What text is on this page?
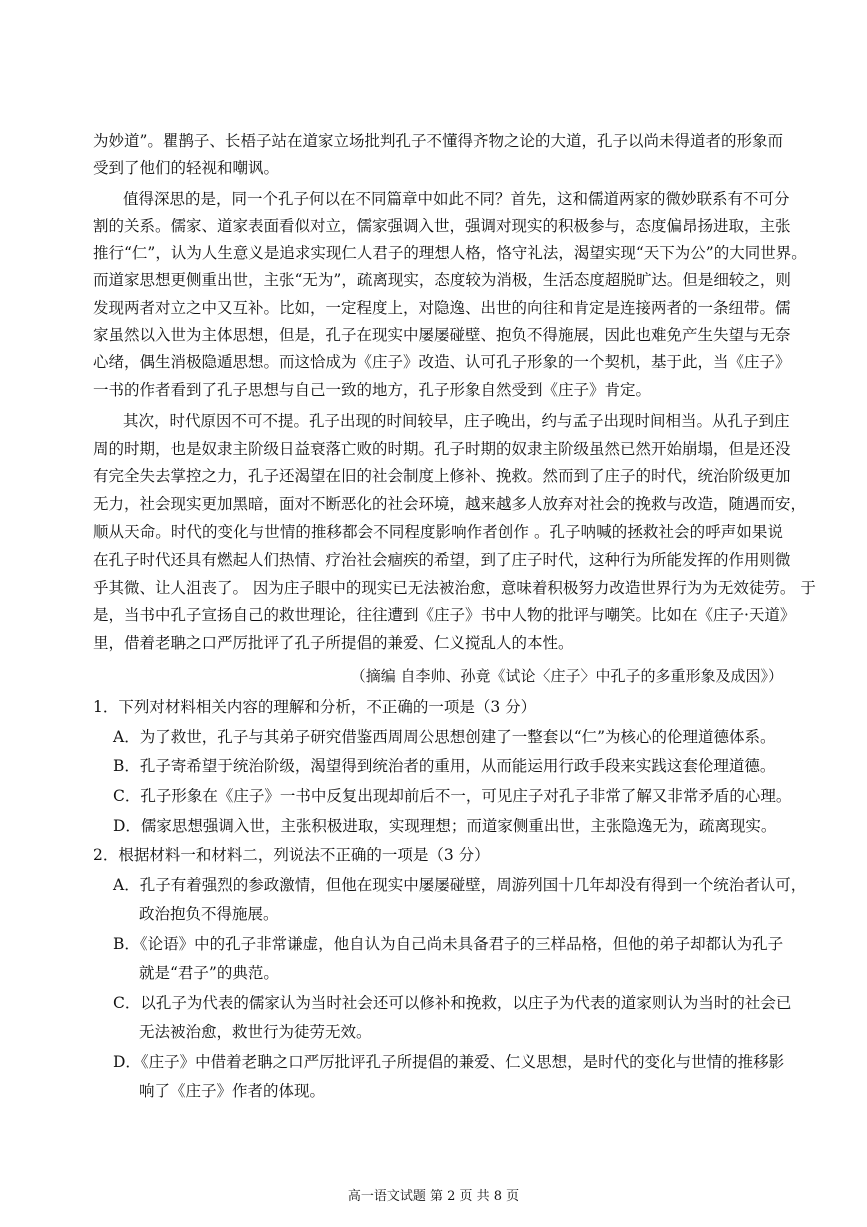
为妙道”。瞿鹊子、长梧子站在道家立场批判孔子不懂得齐物之论的大道，孔子以尚未得道者的形象而
受到了他们的轻视和嘲讽。
值得深思的是，同一个孔子何以在不同篇章中如此不同？首先，这和儒道两家的微妙联系有不可分
割的关系。儒家、道家表面看似对立，儒家强调入世，强调对现实的积极参与，态度偏昂扬进取，主张
推行“仁”，认为人生意义是追求实现仁人君子的理想人格，恪守礼法，渴望实现“天下为公”的大同世界。
而道家思想更侧重出世，主张“无为”，疏离现实，态度较为消极，生活态度超脱旷达。但是细较之，则
发现两者对立之中又互补。比如，一定程度上，对隐逸、出世的向往和肯定是连接两者的一条纽带。儒
家虽然以入世为主体思想，但是，孔子在现实中屡屡碰壁、抱负不得施展，因此也难免产生失望与无奈
心绪，偶生消极隐遁思想。而这恰成为《庄子》改造、认可孔子形象的一个契机，基于此，当《庄子》
一书的作者看到了孔子思想与自己一致的地方，孔子形象自然受到《庄子》肯定。
其次，时代原因不可不提。孔子出现的时间较早，庄子晚出，约与孟子出现时间相当。从孔子到庄
周的时期，也是奴隶主阶级日益衰落亡败的时期。孔子时期的奴隶主阶级虽然已然开始崩塌，但是还没
有完全失去掌控之力，孔子还渴望在旧的社会制度上修补、挽救。然而到了庄子的时代，统治阶级更加
无力，社会现实更加黑暗，面对不断恶化的社会环境，越来越多人放弃对社会的挽救与改造，随遇而安，
顺从天命。时代的变化与世情的推移都会不同程度影响作者创作 。孔子呐喊的拯救社会的呼声如果说
在孔子时代还具有燃起人们热情、疗治社会痼疾的希望，到了庄子时代，这种行为所能发挥的作用则微
乎其微、让人沮丧了。 因为庄子眼中的现实已无法被治愈，意味着积极努力改造世界行为为无效徒劳。 于
是，当书中孔子宣扬自己的救世理论，往往遭到《庄子》书中人物的批评与嘲笑。比如在《庄子·天道》
里，借着老聃之口严厉批评了孔子所提倡的兼爱、仁义搅乱人的本性。
（摘编 自李帅、孙竟《试论〈庄子〉中孔子的多重形象及成因》）
1．下列对材料相关内容的理解和分析，不正确的一项是（3 分）
A．为了救世，孔子与其弟子研究借鉴西周周公思想创建了一整套以“仁”为核心的伦理道德体系。
B．孔子寄希望于统治阶级，渴望得到统治者的重用，从而能运用行政手段来实践这套伦理道德。
C．孔子形象在《庄子》一书中反复出现却前后不一，可见庄子对孔子非常了解又非常矛盾的心理。
D．儒家思想强调入世，主张积极进取，实现理想；而道家侧重出世，主张隐逸无为，疏离现实。
2．根据材料一和材料二，列说法不正确的一项是（3 分）
A．孔子有着强烈的参政激情，但他在现实中屡屡碰壁，周游列国十几年却没有得到一个统治者认可，
政治抱负不得施展。
B．《论语》中的孔子非常谦虚，他自认为自己尚未具备君子的三样品格，但他的弟子却都认为孔子
就是“君子”的典范。
C．以孔子为代表的儒家认为当时社会还可以修补和挽救，以庄子为代表的道家则认为当时的社会已
无法被治愈，救世行为徒劳无效。
D．《庄子》中借着老聃之口严厉批评孔子所提倡的兼爱、仁义思想，是时代的变化与世情的推移影
响了《庄子》作者的体现。
高一语文试题 第 2 页 共 8 页
